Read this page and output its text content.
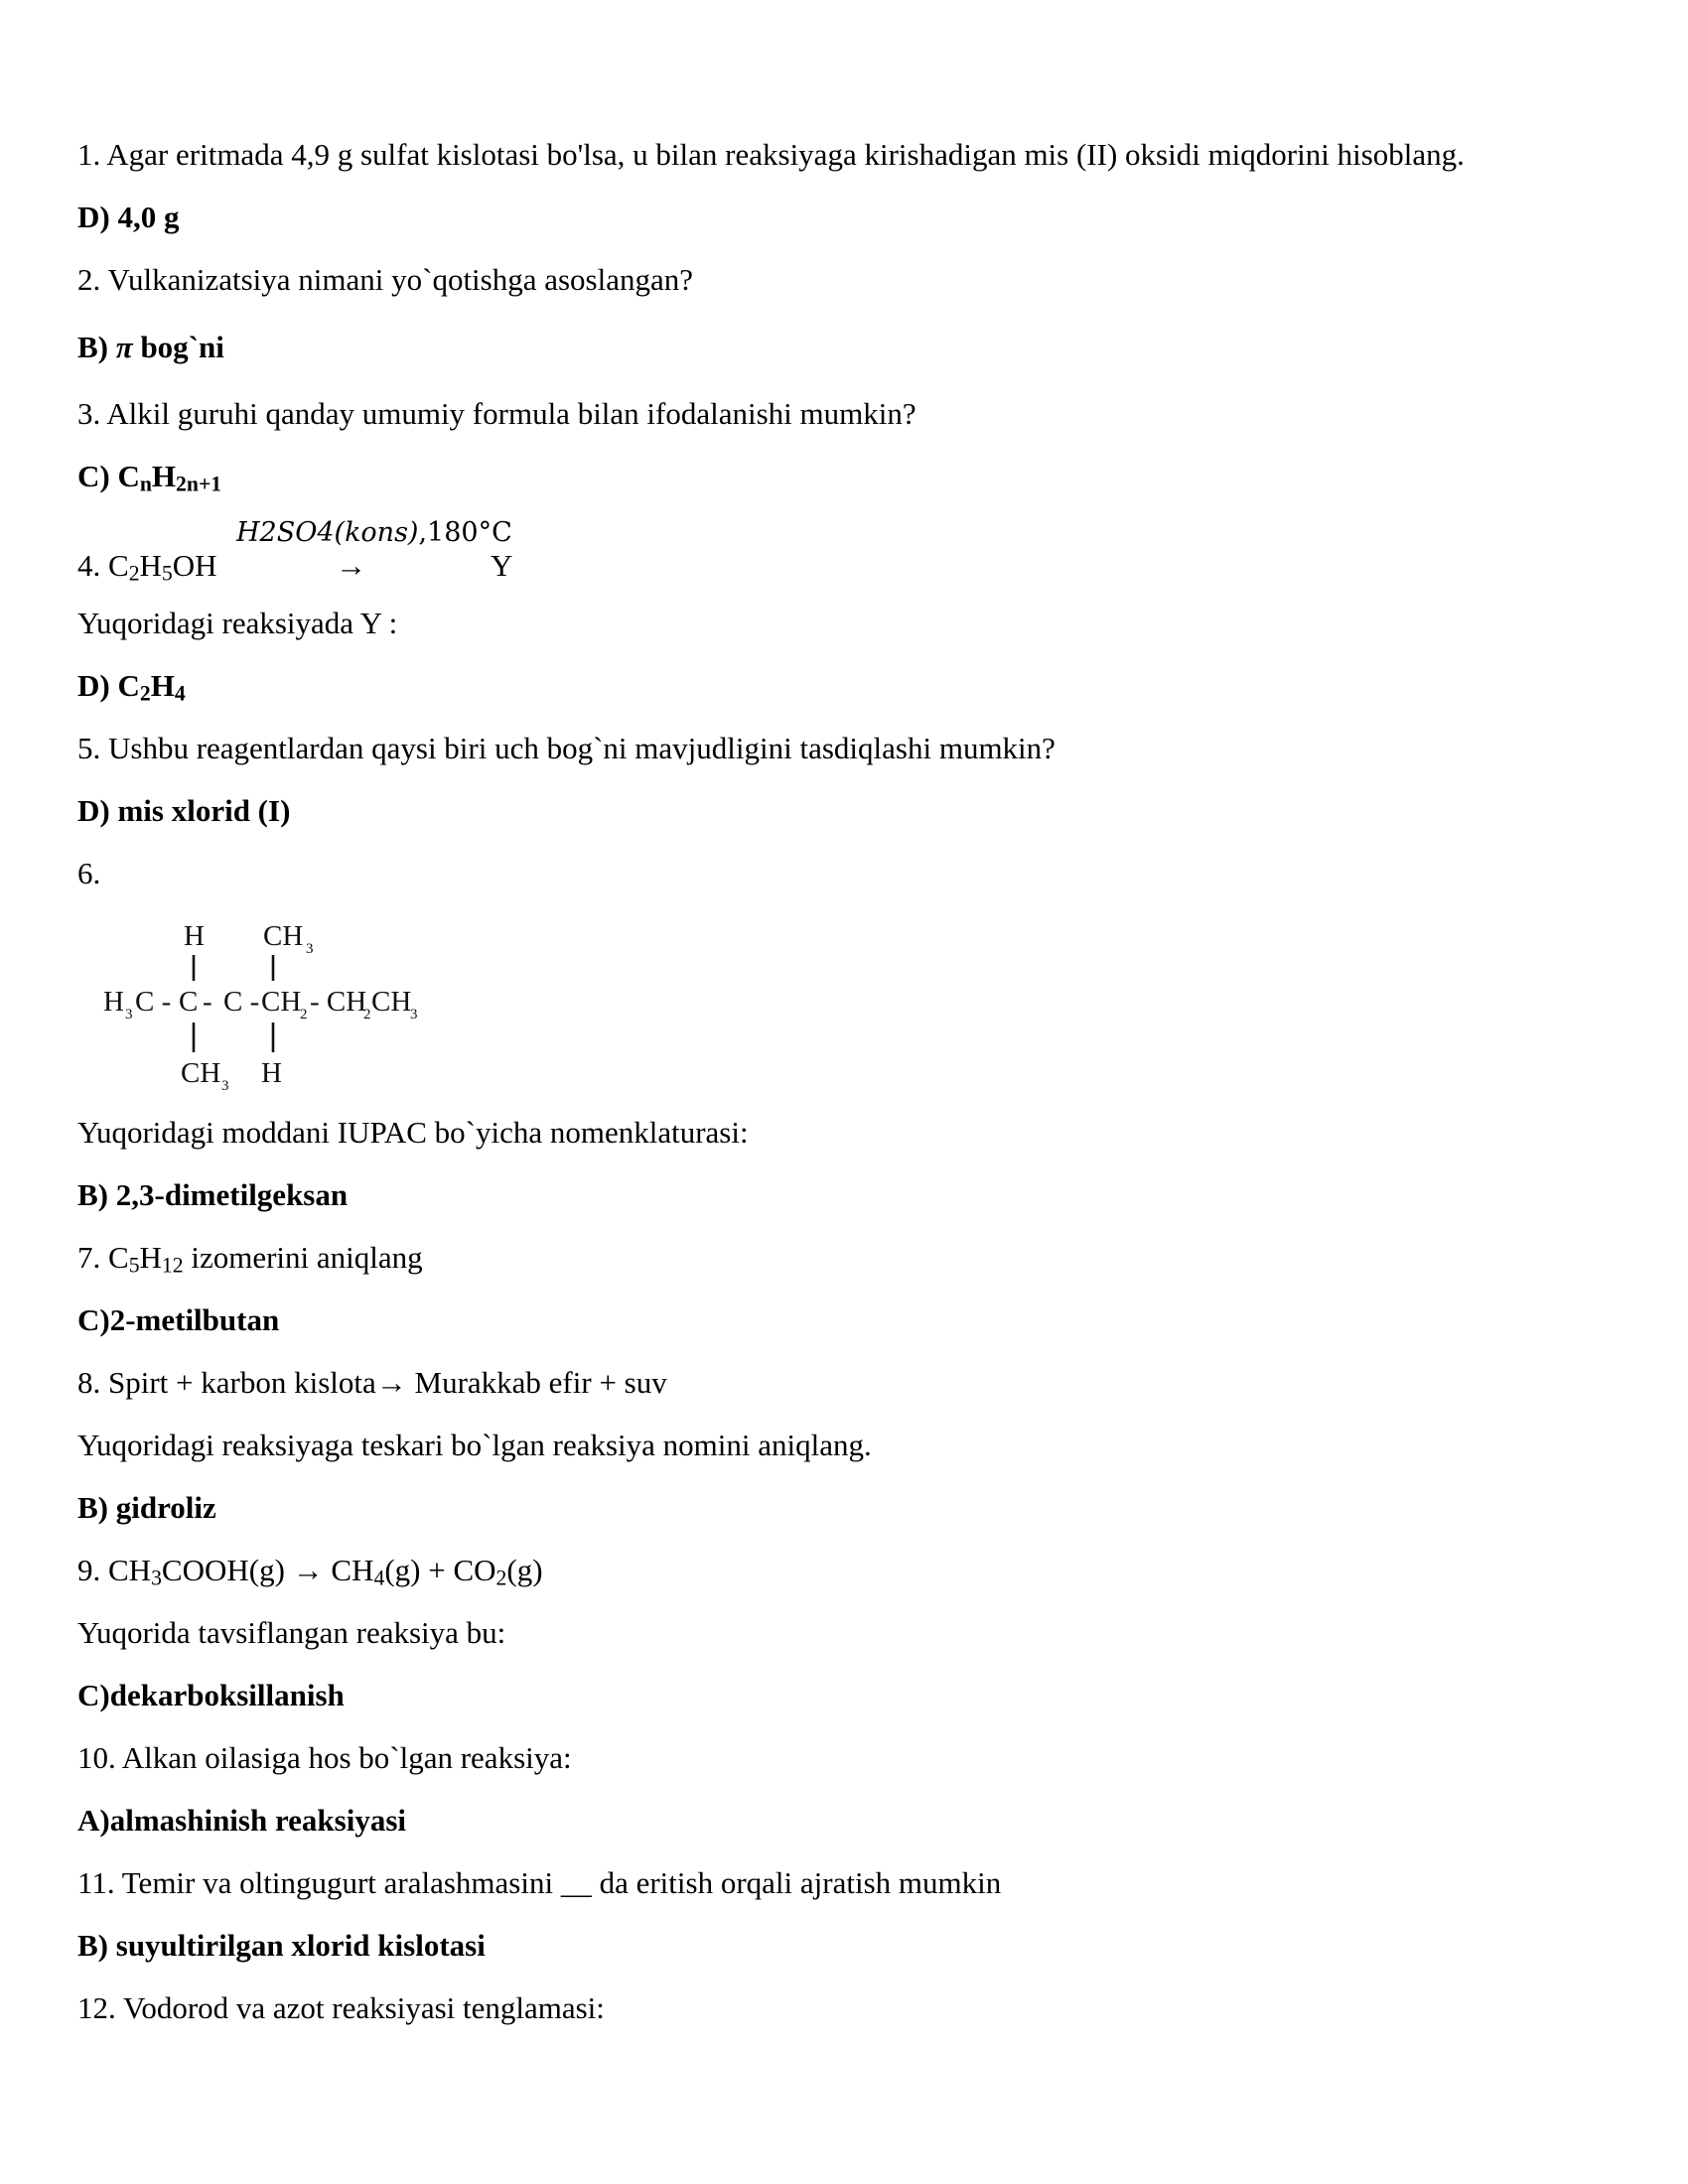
1. Agar eritmada 4,9 g sulfat kislotasi bo'lsa, u bilan reaksiyaga kirishadigan mis (II) oksidi miqdorini hisoblang.
D) 4,0 g
2. Vulkanizatsiya nimani yo`qotishga asoslangan?
B) π bog`ni
3. Alkil guruhi qanday umumiy formula bilan ifodalanishi mumkin?
C) $C_nH_{2n+1}$
4. $C_2H_5OH$
H2SO4(kons),180°C
→	Y
Yuqoridagi reaksiyada Y :
D) $C_2H_4$
5. Ushbu reagentlardan qaysi biri uch bog`ni mavjudligini tasdiqlashi mumkin?
D) mis xlorid (I)
6.
H CH 3
H 3 C - C - C - CH
2 - CH
2 CH
3
CH 3 H
Yuqoridagi moddani IUPAC bo`yicha nomenklaturasi:
B) 2,3-dimetilgeksan
7. $C_5H_{12}$ izomerini aniqlang
C)2-metilbutan
8. Spirt + karbon kislota→ Murakkab efir + suv
Yuqoridagi reaksiyaga teskari bo`lgan reaksiya nomini aniqlang.
B) gidroliz
9. $CH_3COOH(g) \to CH_4(g) + CO_2(g)$
Yuqorida tavsiflangan reaksiya bu:
C)dekarboksillanish
10. Alkan oilasiga hos bo`lgan reaksiya:
A)almashinish reaksiyasi
11. Temir va oltingugurt aralashmasini __ da eritish orqali ajratish mumkin
B) suyultirilgan xlorid kislotasi
12. Vodorod va azot reaksiyasi tenglamasi:
